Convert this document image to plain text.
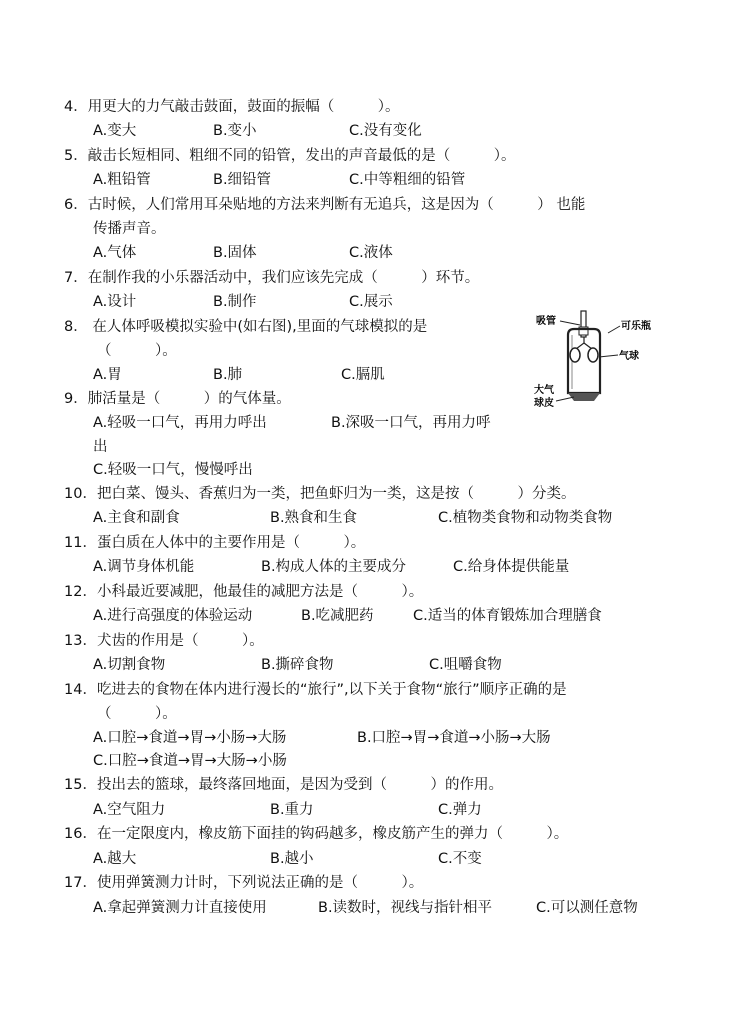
4．用更大的力气敲击鼓面，鼓面的振幅（　　　）。
A.变大	B.变小	C.没有变化
5．敲击长短相同、粗细不同的铅管，发出的声音最低的是（　　　）。
A.粗铅管	B.细铅管	C.中等粗细的铅管
6．古时候，人们常用耳朵贴地的方法来判断有无追兵，这是因为（　　　） 也能
传播声音。
A.气体	B.固体	C.液体
7．在制作我的小乐器活动中，我们应该先完成（　　　）环节。
A.设计	B.制作	C.展示
8． 在人体呼吸模拟实验中(如右图),里面的气球模拟的是
（　　　）。
A.胃	B.肺	C.膈肌
吸管	可乐瓶
气球
大气
球皮
9．肺活量是（　　　）的气体量。
A.轻吸一口气，再用力呼出	B.深吸一口气，再用力呼
出
C.轻吸一口气，慢慢呼出
10．把白菜、馒头、香蕉归为一类，把鱼虾归为一类，这是按（　　　）分类。
A.主食和副食	B.熟食和生食	C.植物类食物和动物类食物
11．蛋白质在人体中的主要作用是（　　　）。
A.调节身体机能	B.构成人体的主要成分	C.给身体提供能量
12．小科最近要减肥，他最佳的减肥方法是（　　　）。
A.进行高强度的体验运动	B.吃减肥药	C.适当的体育锻炼加合理膳食
13．犬齿的作用是（　　　）。
A.切割食物	B.撕碎食物	C.咀嚼食物
14．吃进去的食物在体内进行漫长的“旅行”,以下关于食物“旅行”顺序正确的是
（　　　）。
A.口腔→食道→胃→小肠→大肠	B.口腔→胃→食道→小肠→大肠
C.口腔→食道→胃→大肠→小肠
15．投出去的篮球，最终落回地面，是因为受到（　　　）的作用。
A.空气阻力	B.重力	C.弹力
16．在一定限度内，橡皮筋下面挂的钩码越多，橡皮筋产生的弹力（　　　）。
A.越大	B.越小	C.不变
17．使用弹簧测力计时，下列说法正确的是（　　　）。
A.拿起弹簧测力计直接使用	B.读数时，视线与指针相平	C.可以测任意物
